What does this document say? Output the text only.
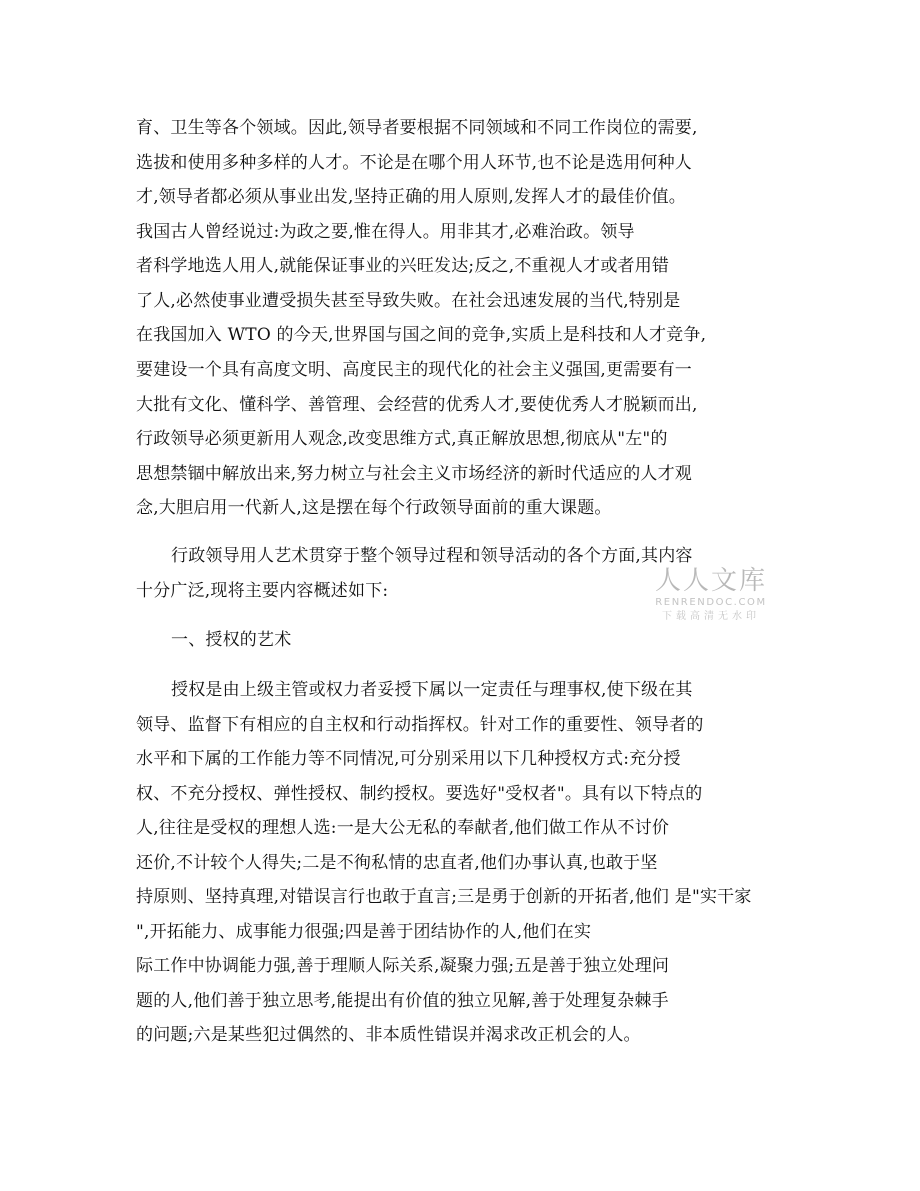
育、卫生等各个领域。因此,领导者要根据不同领域和不同工作岗位的需要,
选拔和使用多种多样的人才。不论是在哪个用人环节,也不论是选用何种人
才,领导者都必须从事业出发,坚持正确的用人原则,发挥人才的最佳价值。
我国古人曾经说过:为政之要,惟在得人。用非其才,必难治政。领导
者科学地选人用人,就能保证事业的兴旺发达;反之,不重视人才或者用错
了人,必然使事业遭受损失甚至导致失败。在社会迅速发展的当代,特别是
在我国加入 WTO 的今天,世界国与国之间的竞争,实质上是科技和人才竞争,
要建设一个具有高度文明、高度民主的现代化的社会主义强国,更需要有一
大批有文化、懂科学、善管理、会经营的优秀人才,要使优秀人才脱颖而出,
行政领导必须更新用人观念,改变思维方式,真正解放思想,彻底从"左"的
思想禁锢中解放出来,努力树立与社会主义市场经济的新时代适应的人才观
念,大胆启用一代新人,这是摆在每个行政领导面前的重大课题。
行政领导用人艺术贯穿于整个领导过程和领导活动的各个方面,其内容
十分广泛,现将主要内容概述如下:
一、授权的艺术
授权是由上级主管或权力者妥授下属以一定责任与理事权,使下级在其
领导、监督下有相应的自主权和行动指挥权。针对工作的重要性、领导者的
水平和下属的工作能力等不同情况,可分别采用以下几种授权方式:充分授
权、不充分授权、弹性授权、制约授权。要选好"受权者"。具有以下特点的
人,往往是受权的理想人选:一是大公无私的奉献者,他们做工作从不讨价
还价,不计较个人得失;二是不徇私情的忠直者,他们办事认真,也敢于坚
持原则、坚持真理,对错误言行也敢于直言;三是勇于创新的开拓者,他们 是"实干家
",开拓能力、成事能力很强;四是善于团结协作的人,他们在实
际工作中协调能力强,善于理顺人际关系,凝聚力强;五是善于独立处理问
题的人,他们善于独立思考,能提出有价值的独立见解,善于处理复杂棘手
的问题;六是某些犯过偶然的、非本质性错误并渴求改正机会的人。
人人文库
RENRENDOC.COM
下载高清无水印
